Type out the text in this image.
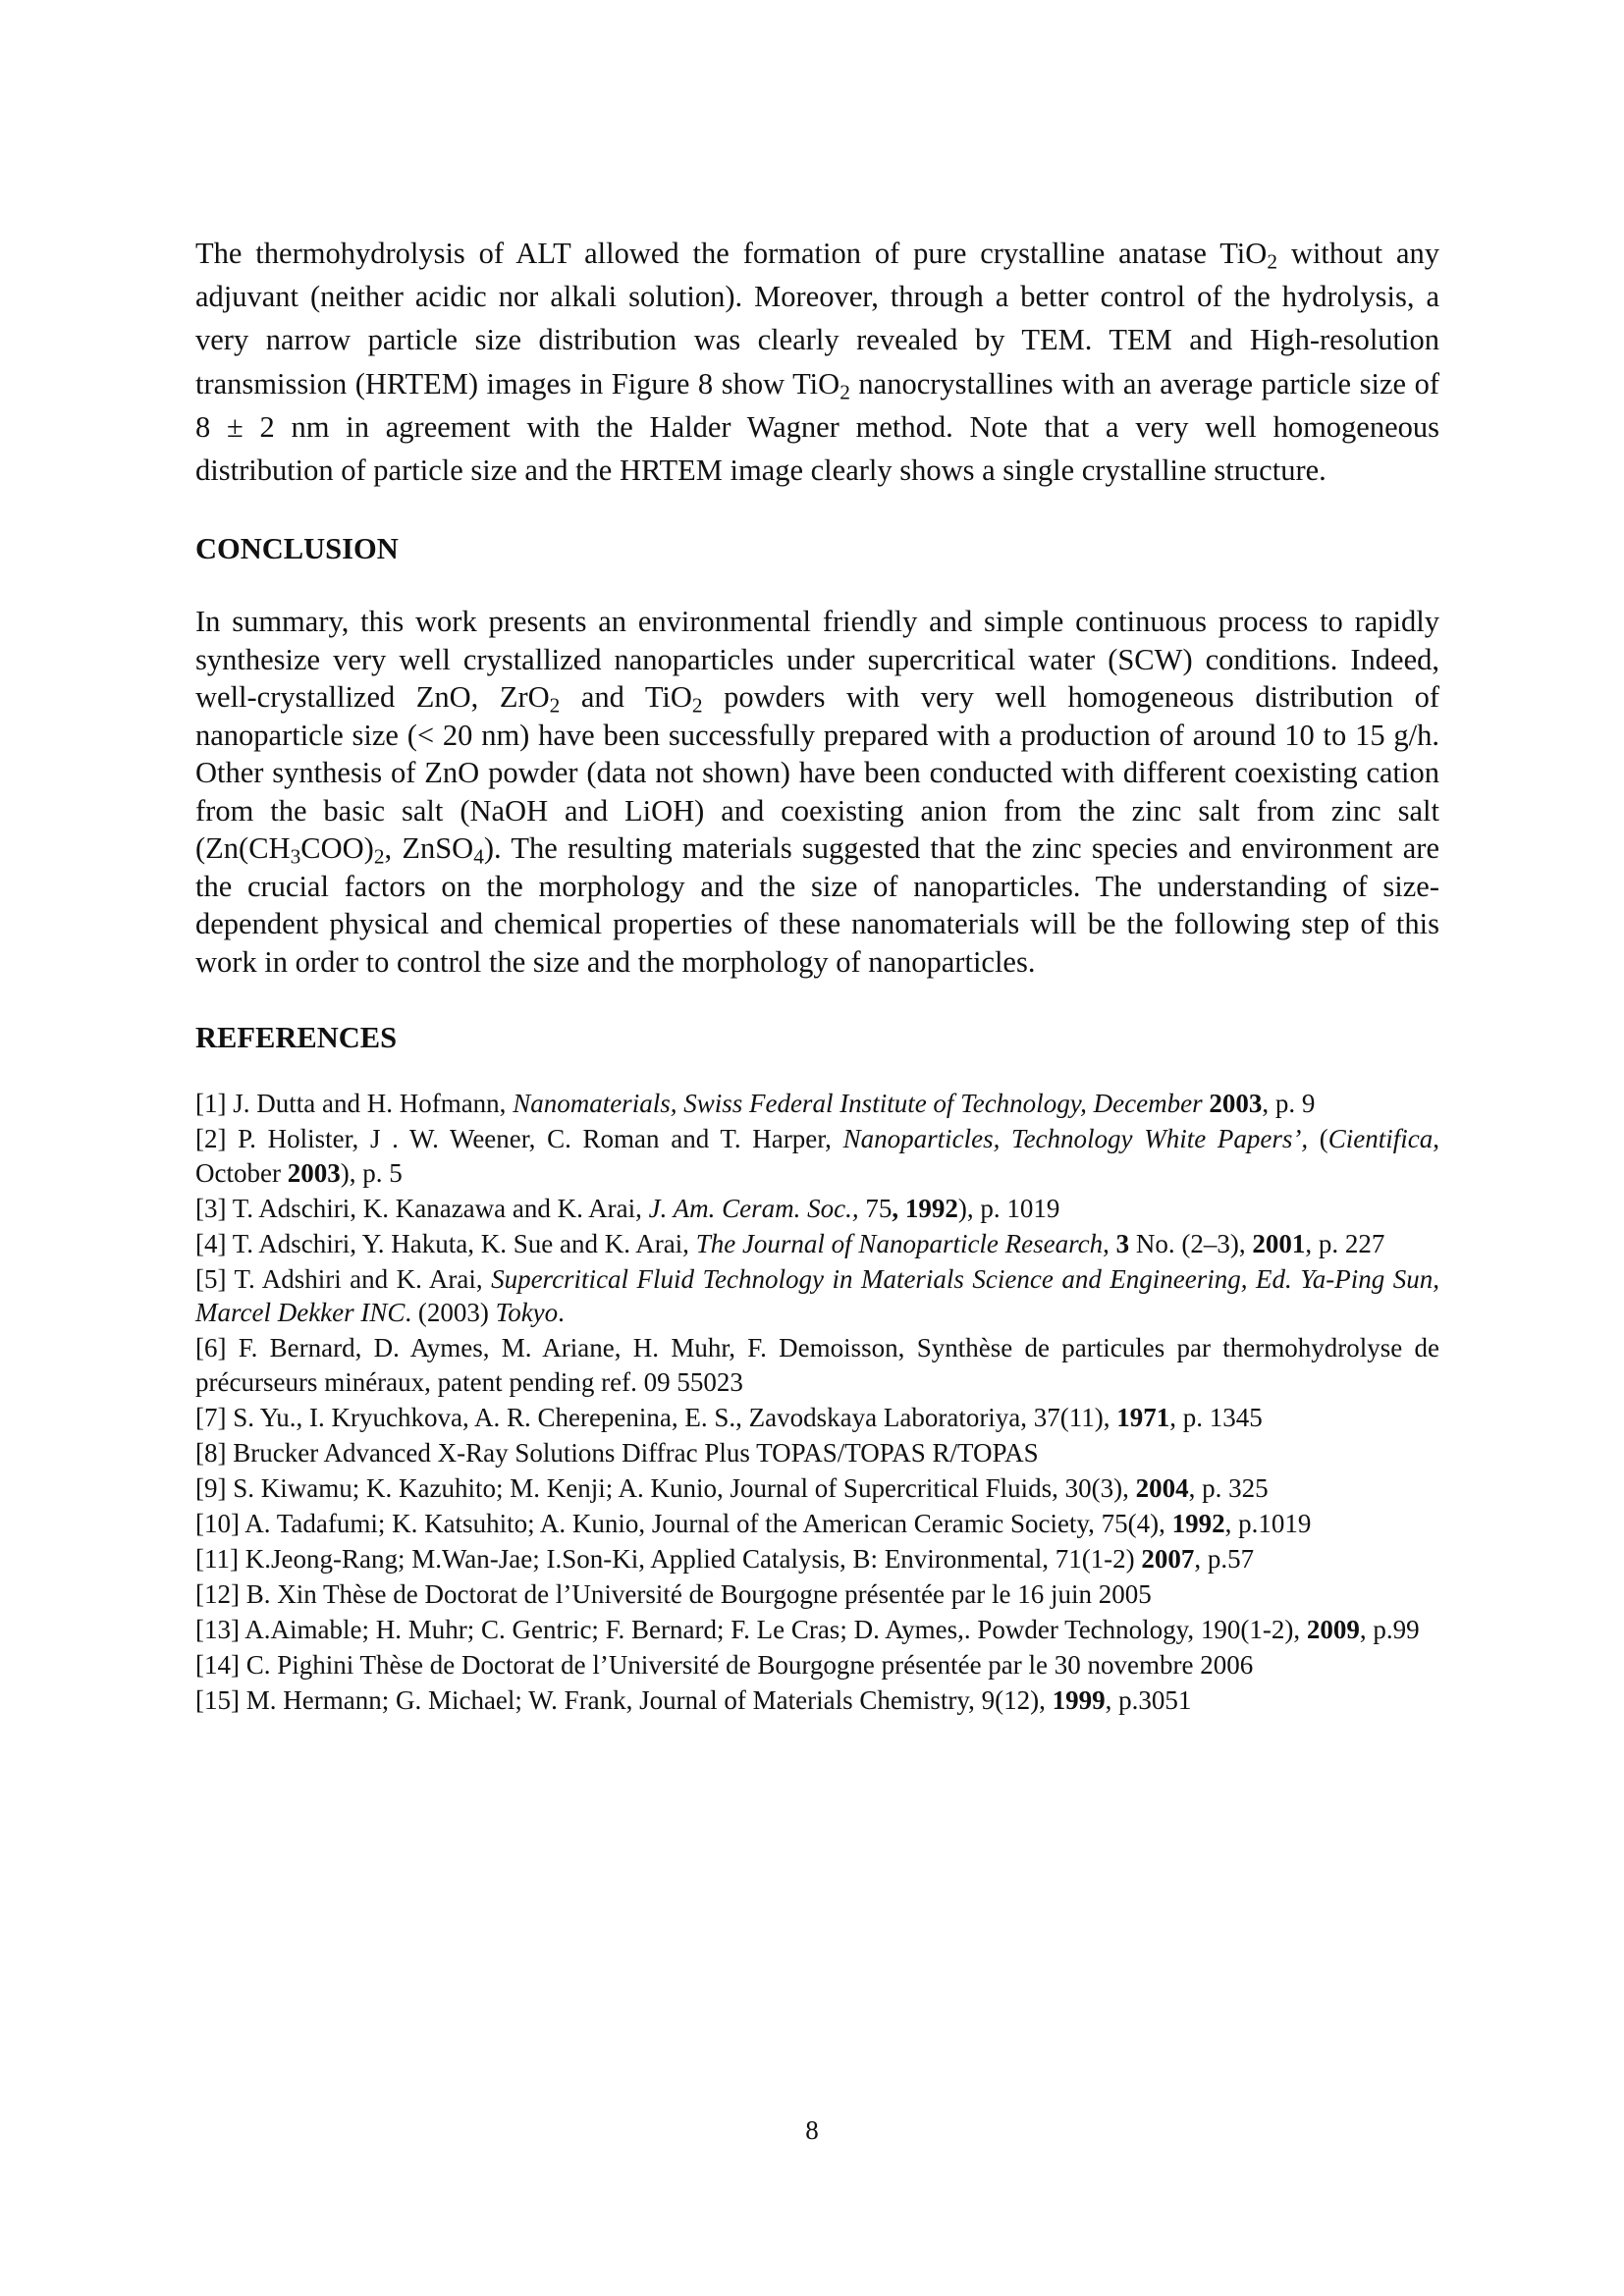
The thermohydrolysis of ALT allowed the formation of pure crystalline anatase TiO$_2$ without any adjuvant (neither acidic nor alkali solution). Moreover, through a better control of the hydrolysis, a very narrow particle size distribution was clearly revealed by TEM. TEM and High-resolution transmission (HRTEM) images in Figure 8 show TiO$_2$ nanocrystallines with an average particle size of 8 ± 2 nm in agreement with the Halder Wagner method. Note that a very well homogeneous distribution of particle size and the HRTEM image clearly shows a single crystalline structure.

CONCLUSION

In summary, this work presents an environmental friendly and simple continuous process to rapidly synthesize very well crystallized nanoparticles under supercritical water (SCW) conditions. Indeed, well-crystallized ZnO, ZrO$_2$ and TiO$_2$ powders with very well homogeneous distribution of nanoparticle size (< 20 nm) have been successfully prepared with a production of around 10 to 15 g/h. Other synthesis of ZnO powder (data not shown) have been conducted with different coexisting cation from the basic salt (NaOH and LiOH) and coexisting anion from the zinc salt from zinc salt ($Zn(CH_3COO)_2$, ZnSO$_4$). The resulting materials suggested that the zinc species and environment are the crucial factors on the morphology and the size of nanoparticles. The understanding of size-dependent physical and chemical properties of these nanomaterials will be the following step of this work in order to control the size and the morphology of nanoparticles.

REFERENCES

[1] J. Dutta and H. Hofmann, Nanomaterials, Swiss Federal Institute of Technology, December 2003, p. 9

[2] P. Holister, J . W. Weener, C. Roman and T. Harper, Nanoparticles, Technology White Papers’, (Cientifica, October 2003), p. 5

[3] T. Adschiri, K. Kanazawa and K. Arai, J. Am. Ceram. Soc., 75, 1992), p. 1019

[4] T. Adschiri, Y. Hakuta, K. Sue and K. Arai, The Journal of Nanoparticle Research, 3 No. (2–3), 2001, p. 227

[5] T. Adshiri and K. Arai, Supercritical Fluid Technology in Materials Science and Engineering, Ed. Ya-Ping Sun, Marcel Dekker INC. (2003) Tokyo.

[6] F. Bernard, D. Aymes, M. Ariane, H. Muhr, F. Demoisson, Synthèse de particules par thermohydrolyse de précurseurs minéraux, patent pending ref. 09 55023

[7] S. Yu., I. Kryuchkova, A. R. Cherepenina, E. S., Zavodskaya Laboratoriya, 37(11), 1971, p. 1345

[8] Brucker Advanced X-Ray Solutions Diffrac Plus TOPAS/TOPAS R/TOPAS

[9] S. Kiwamu; K. Kazuhito; M. Kenji; A. Kunio, Journal of Supercritical Fluids, 30(3), 2004, p. 325

[10] A. Tadafumi; K. Katsuhito; A. Kunio, Journal of the American Ceramic Society, 75(4), 1992, p.1019

[11] K.Jeong-Rang; M.Wan-Jae; I.Son-Ki, Applied Catalysis, B: Environmental, 71(1-2) 2007, p.57

[12] B. Xin Thèse de Doctorat de l’Université de Bourgogne présentée par le 16 juin 2005

[13] A.Aimable; H. Muhr; C. Gentric; F. Bernard; F. Le Cras; D. Aymes,. Powder Technology, 190(1-2), 2009, p.99

[14] C. Pighini Thèse de Doctorat de l’Université de Bourgogne présentée par le 30 novembre 2006

[15] M. Hermann; G. Michael; W. Frank, Journal of Materials Chemistry, 9(12), 1999, p.3051

8
